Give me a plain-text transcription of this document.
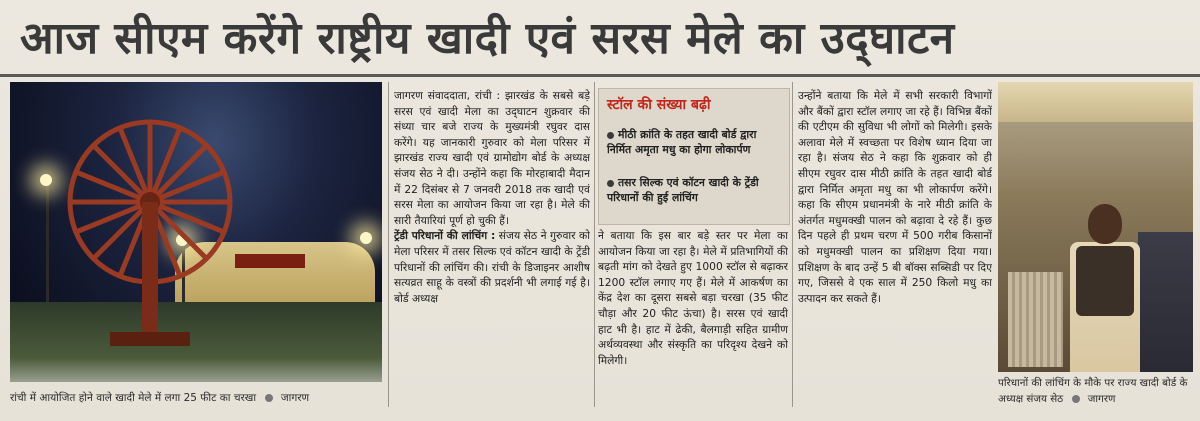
आज सीएम करेंगे राष्ट्रीय खादी एवं सरस मेले का उद्‌घाटन
रांची में आयोजित होने वाले खादी मेले में लगा 25 फीट का चरखा जागरण

जागरण संवाददाता, रांची : झारखंड के सबसे बड़े सरस एवं खादी मेला का उद्‌घाटन शुक्रवार की संध्या चार बजे राज्य के मुख्यमंत्री रघुवर दास करेंगे। यह जानकारी गुरुवार को मेला परिसर में झारखंड राज्य खादी एवं ग्रामोद्योग बोर्ड के अध्यक्ष संजय सेठ ने दी। उन्होंने कहा कि मोरहाबादी मैदान में 22 दिसंबर से 7 जनवरी 2018 तक खादी एवं सरस मेला का आयोजन किया जा रहा है। मेले की सारी तैयारियां पूर्ण हो चुकी हैं।

ट्रेंडी परिधानों की लांचिंग : संजय सेठ ने गुरुवार को मेला परिसर में तसर सिल्क एवं कॉटन खादी के ट्रेंडी परिधानों की लांचिंग की। रांची के डिजाइनर आशीष सत्यव्रत साहू के वस्त्रों की प्रदर्शनी भी लगाई गई है। बोर्ड अध्यक्ष

स्टॉल की संख्या बढ़ी
मीठी क्रांति के तहत खादी बोर्ड द्वारा निर्मित अमृता मधु का होगा लोकार्पण
तसर सिल्क एवं कॉटन खादी के ट्रेंडी परिधानों की हुई लांचिंग

ने बताया कि इस बार बड़े स्तर पर मेला का आयोजन किया जा रहा है। मेले में प्रतिभागियों की बढ़ती मांग को देखते हुए 1000 स्टॉल से बढ़ाकर 1200 स्टॉल लगाए गए हैं। मेले में आकर्षण का केंद्र देश का दूसरा सबसे बड़ा चरखा (35 फीट चौड़ा और 20 फीट ऊंचा) है। सरस एवं खादी हाट भी है। हाट में ढेकी, बैलगाड़ी सहित ग्रामीण अर्थव्यवस्था और संस्कृति का परिदृश्य देखने को मिलेगी।

उन्होंने बताया कि मेले में सभी सरकारी विभागों और बैंकों द्वारा स्टॉल लगाए जा रहे हैं। विभिन्न बैंकों की एटीएम की सुविधा भी लोगों को मिलेगी। इसके अलावा मेले में स्वच्छता पर विशेष ध्यान दिया जा रहा है। संजय सेठ ने कहा कि शुक्रवार को ही सीएम रघुवर दास मीठी क्रांति के तहत खादी बोर्ड द्वारा निर्मित अमृता मधु का भी लोकार्पण करेंगे। कहा कि सीएम प्रधानमंत्री के नारे मीठी क्रांति के अंतर्गत मधुमक्खी पालन को बढ़ावा दे रहे हैं। कुछ दिन पहले ही प्रथम चरण में 500 गरीब किसानों को मधुमक्खी पालन का प्रशिक्षण दिया गया। प्रशिक्षण के बाद उन्हें 5 बी बॉक्स सब्सिडी पर दिए गए, जिससे वे एक साल में 250 किलो मधु का उत्पादन कर सकते हैं।

परिधानों की लांचिंग के मौके पर राज्य खादी बोर्ड के अध्यक्ष संजय सेठ जागरण
